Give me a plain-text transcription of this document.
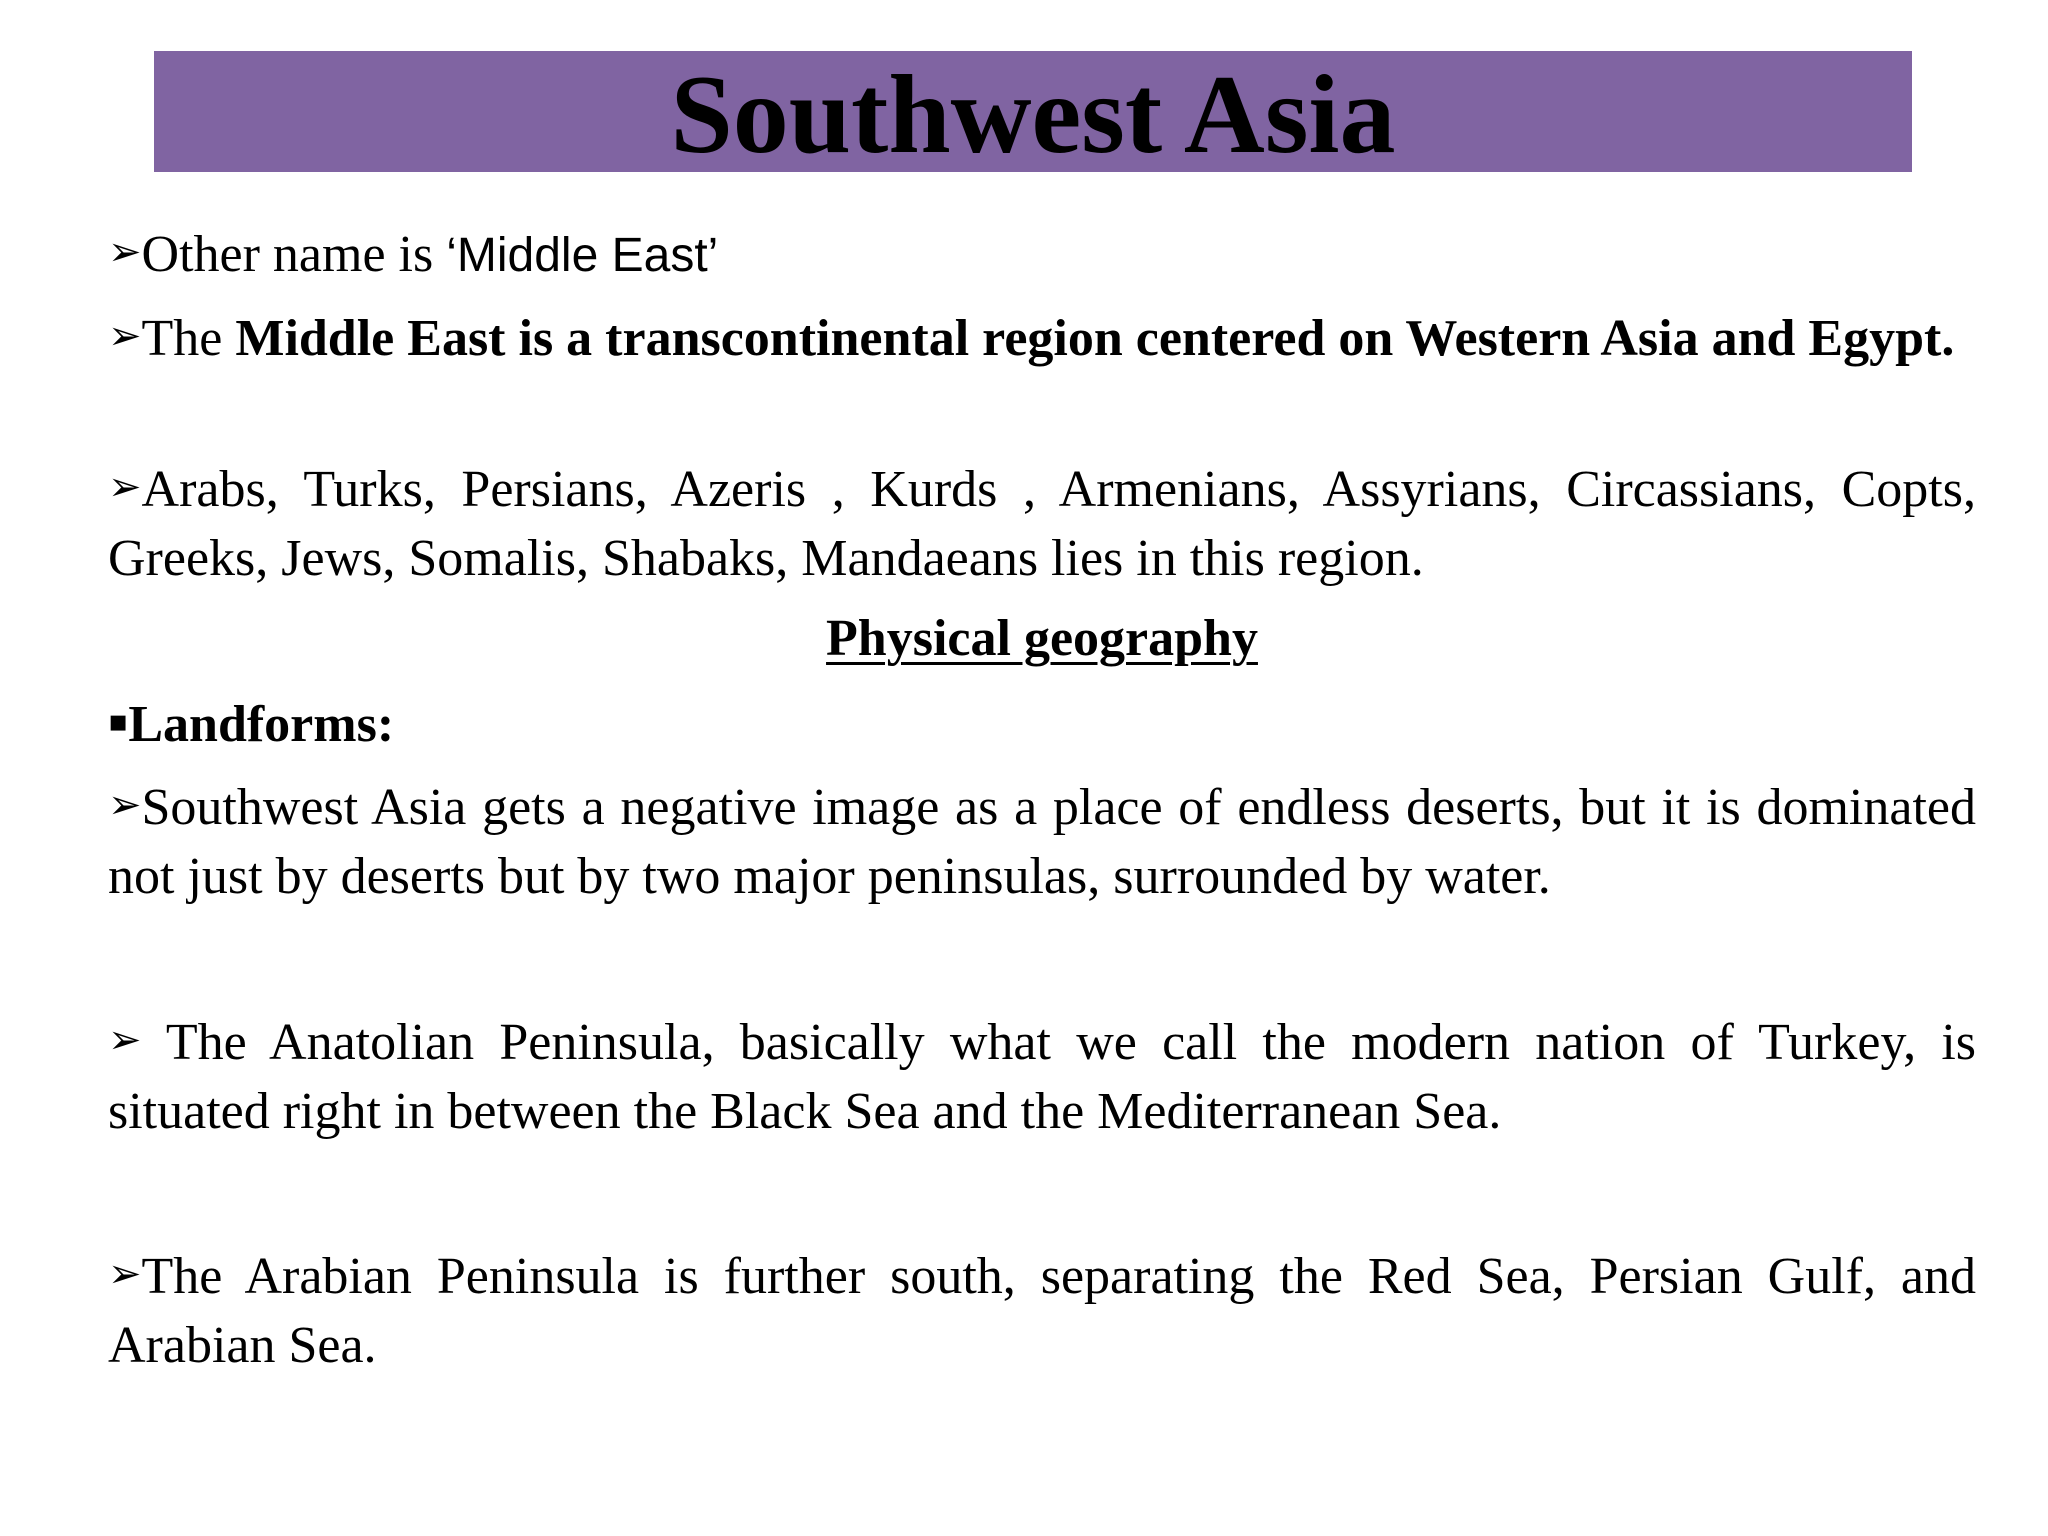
Southwest Asia

➢Other name is ‘Middle East’

➢The Middle East is a transcontinental region centered on Western Asia and Egypt.

➢Arabs, Turks, Persians, Azeris , Kurds , Armenians, Assyrians, Circassians, Copts, Greeks, Jews, Somalis, Shabaks, Mandaeans lies in this region.

Physical geography

▪Landforms:

➢Southwest Asia gets a negative image as a place of endless deserts, but it is dominated not just by deserts but by two major peninsulas, surrounded by water.

➢ The Anatolian Peninsula, basically what we call the modern nation of Turkey, is situated right in between the Black Sea and the Mediterranean Sea.

➢The Arabian Peninsula is further south, separating the Red Sea, Persian Gulf, and Arabian Sea.
